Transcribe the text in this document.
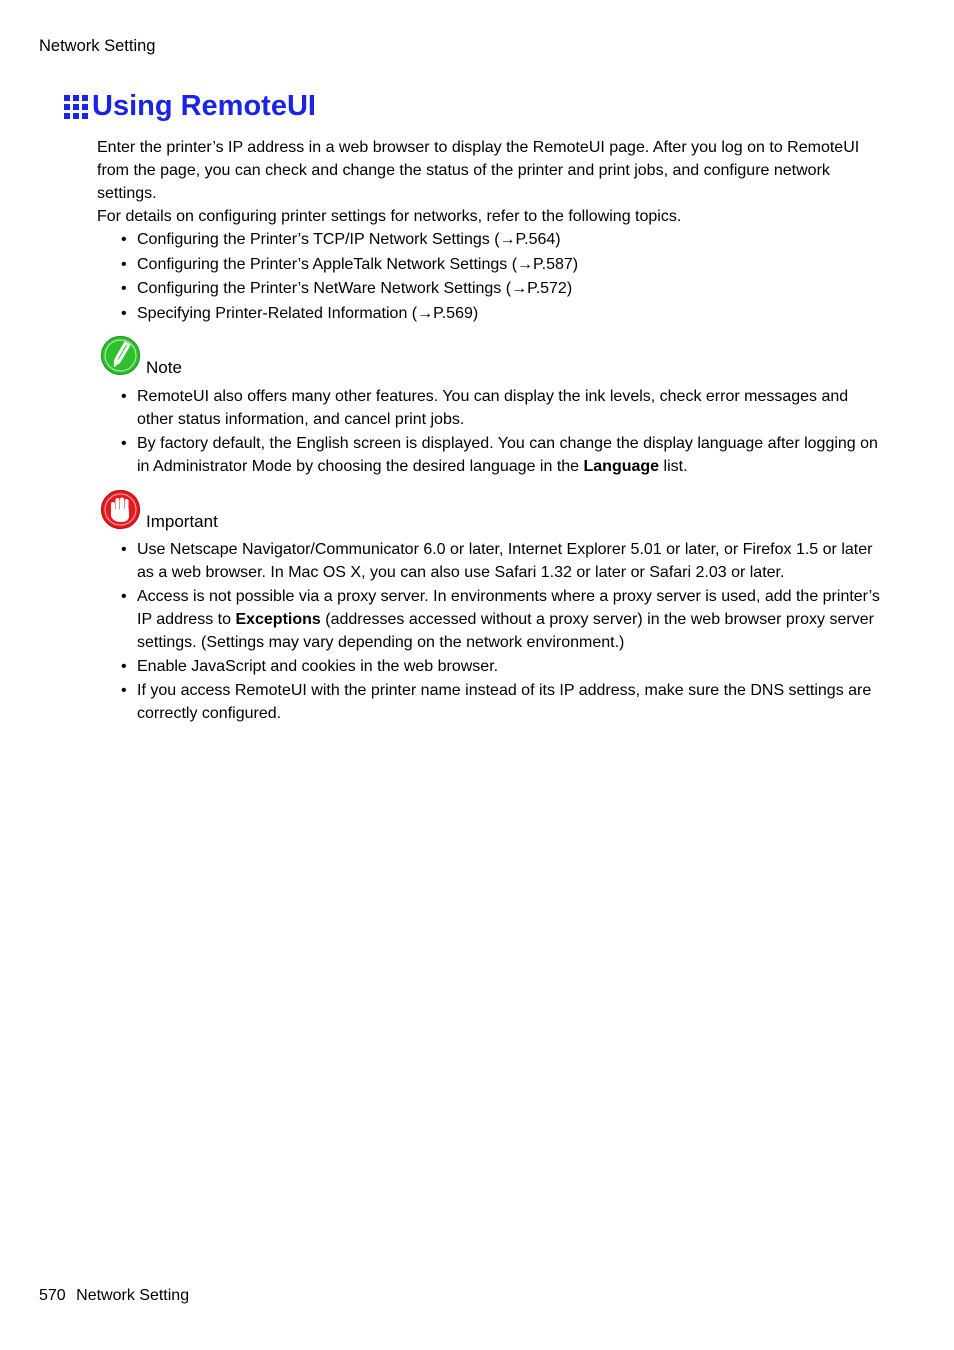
Network Setting
Using RemoteUI

Enter the printer’s IP address in a web browser to display the RemoteUI page. After you log on to RemoteUI from the page, you can check and change the status of the printer and print jobs, and configure network settings.

For details on configuring printer settings for networks, refer to the following topics.

• Configuring the Printer’s TCP/IP Network Settings (→P.564)
• Configuring the Printer’s AppleTalk Network Settings (→P.587)
• Configuring the Printer’s NetWare Network Settings (→P.572)
• Specifying Printer-Related Information (→P.569)
Note
• RemoteUI also offers many other features. You can display the ink levels, check error messages and other status information, and cancel print jobs.
• By factory default, the English screen is displayed. You can change the display language after logging on in Administrator Mode by choosing the desired language in the Language list.
Important
• Use Netscape Navigator/Communicator 6.0 or later, Internet Explorer 5.01 or later, or Firefox 1.5 or later as a web browser. In Mac OS X, you can also use Safari 1.32 or later or Safari 2.03 or later.
• Access is not possible via a proxy server. In environments where a proxy server is used, add the printer’s IP address to Exceptions (addresses accessed without a proxy server) in the web browser proxy server settings. (Settings may vary depending on the network environment.)
• Enable JavaScript and cookies in the web browser.
• If you access RemoteUI with the printer name instead of its IP address, make sure the DNS settings are correctly configured.
570 Network Setting
